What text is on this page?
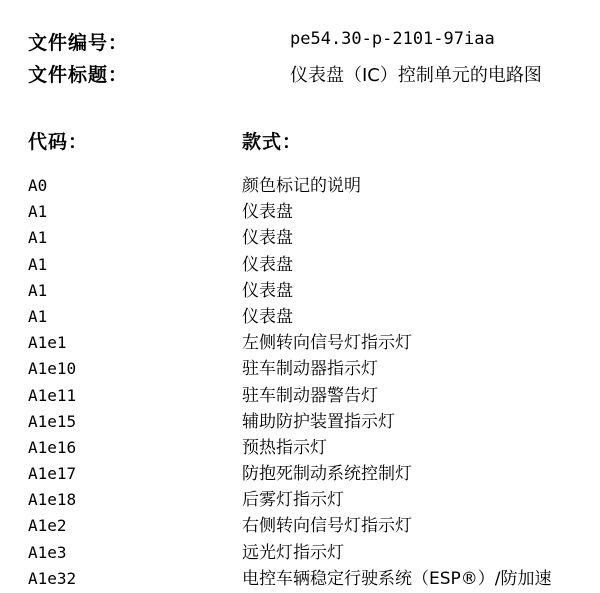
文件编号：	pe54.30-p-2101-97iaa
文件标题：	仪表盘（IC）控制单元的电路图
代码：	款式：
A0	颜色标记的说明
A1	仪表盘
A1	仪表盘
A1	仪表盘
A1	仪表盘
A1	仪表盘
A1e1	左侧转向信号灯指示灯
A1e10	驻车制动器指示灯
A1e11	驻车制动器警告灯
A1e15	辅助防护装置指示灯
A1e16	预热指示灯
A1e17	防抱死制动系统控制灯
A1e18	后雾灯指示灯
A1e2	右侧转向信号灯指示灯
A1e3	远光灯指示灯
A1e32	电控车辆稳定行驶系统（ESP®）/防加速
